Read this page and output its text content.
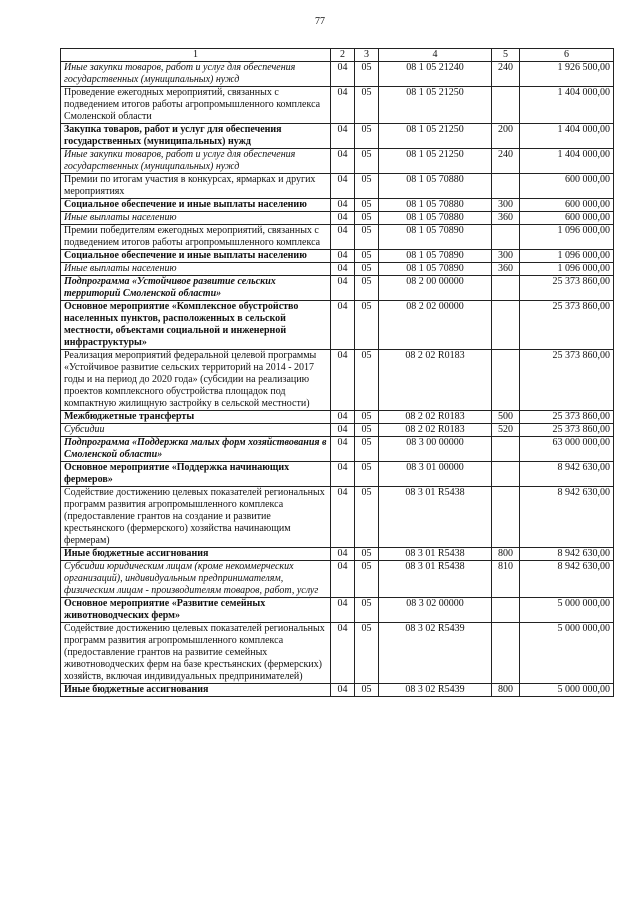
77
1	2	3	4	5	6
Иные закупки товаров, работ и услуг для обеспечения государственных (муниципальных) нужд	04	05	08 1 05 21240	240	1 926 500,00
Проведение ежегодных мероприятий, связанных с подведением итогов работы агропромышленного комплекса Смоленской области	04	05	08 1 05 21250		1 404 000,00
Закупка товаров, работ и услуг для обеспечения государственных (муниципальных) нужд	04	05	08 1 05 21250	200	1 404 000,00
Иные закупки товаров, работ и услуг для обеспечения государственных (муниципальных) нужд	04	05	08 1 05 21250	240	1 404 000,00
Премии по итогам участия в конкурсах, ярмарках и других мероприятиях	04	05	08 1 05 70880		600 000,00
Социальное обеспечение и иные выплаты населению	04	05	08 1 05 70880	300	600 000,00
Иные выплаты населению	04	05	08 1 05 70880	360	600 000,00
Премии победителям ежегодных мероприятий, связанных с подведением итогов работы агропромышленного комплекса	04	05	08 1 05 70890		1 096 000,00
Социальное обеспечение и иные выплаты населению	04	05	08 1 05 70890	300	1 096 000,00
Иные выплаты населению	04	05	08 1 05 70890	360	1 096 000,00
Подпрограмма «Устойчивое развитие сельских территорий Смоленской области»	04	05	08 2 00 00000		25 373 860,00
Основное мероприятие «Комплексное обустройство населенных пунктов, расположенных в сельской местности, объектами социальной и инженерной инфраструктуры»	04	05	08 2 02 00000		25 373 860,00
Реализация мероприятий федеральной целевой программы «Устойчивое развитие сельских территорий на 2014 - 2017 годы и на период до 2020 года» (субсидии на реализацию проектов комплексного обустройства площадок под компактную жилищную застройку в сельской местности)	04	05	08 2 02 R0183		25 373 860,00
Межбюджетные трансферты	04	05	08 2 02 R0183	500	25 373 860,00
Субсидии	04	05	08 2 02 R0183	520	25 373 860,00
Подпрограмма «Поддержка малых форм хозяйствования в Смоленской области»	04	05	08 3 00 00000		63 000 000,00
Основное мероприятие «Поддержка начинающих фермеров»	04	05	08 3 01 00000		8 942 630,00
Содействие достижению целевых показателей региональных программ развития агропромышленного комплекса (предоставление грантов на создание и развитие крестьянского (фермерского) хозяйства начинающим фермерам)	04	05	08 3 01 R5438		8 942 630,00
Иные бюджетные ассигнования	04	05	08 3 01 R5438	800	8 942 630,00
Субсидии юридическим лицам (кроме некоммерческих организаций), индивидуальным предпринимателям, физическим лицам - производителям товаров, работ, услуг	04	05	08 3 01 R5438	810	8 942 630,00
Основное мероприятие «Развитие семейных животноводческих ферм»	04	05	08 3 02 00000		5 000 000,00
Содействие достижению целевых показателей региональных программ развития агропромышленного комплекса (предоставление грантов на развитие семейных животноводческих ферм на базе крестьянских (фермерских) хозяйств, включая индивидуальных предпринимателей)	04	05	08 3 02 R5439		5 000 000,00
Иные бюджетные ассигнования	04	05	08 3 02 R5439	800	5 000 000,00
